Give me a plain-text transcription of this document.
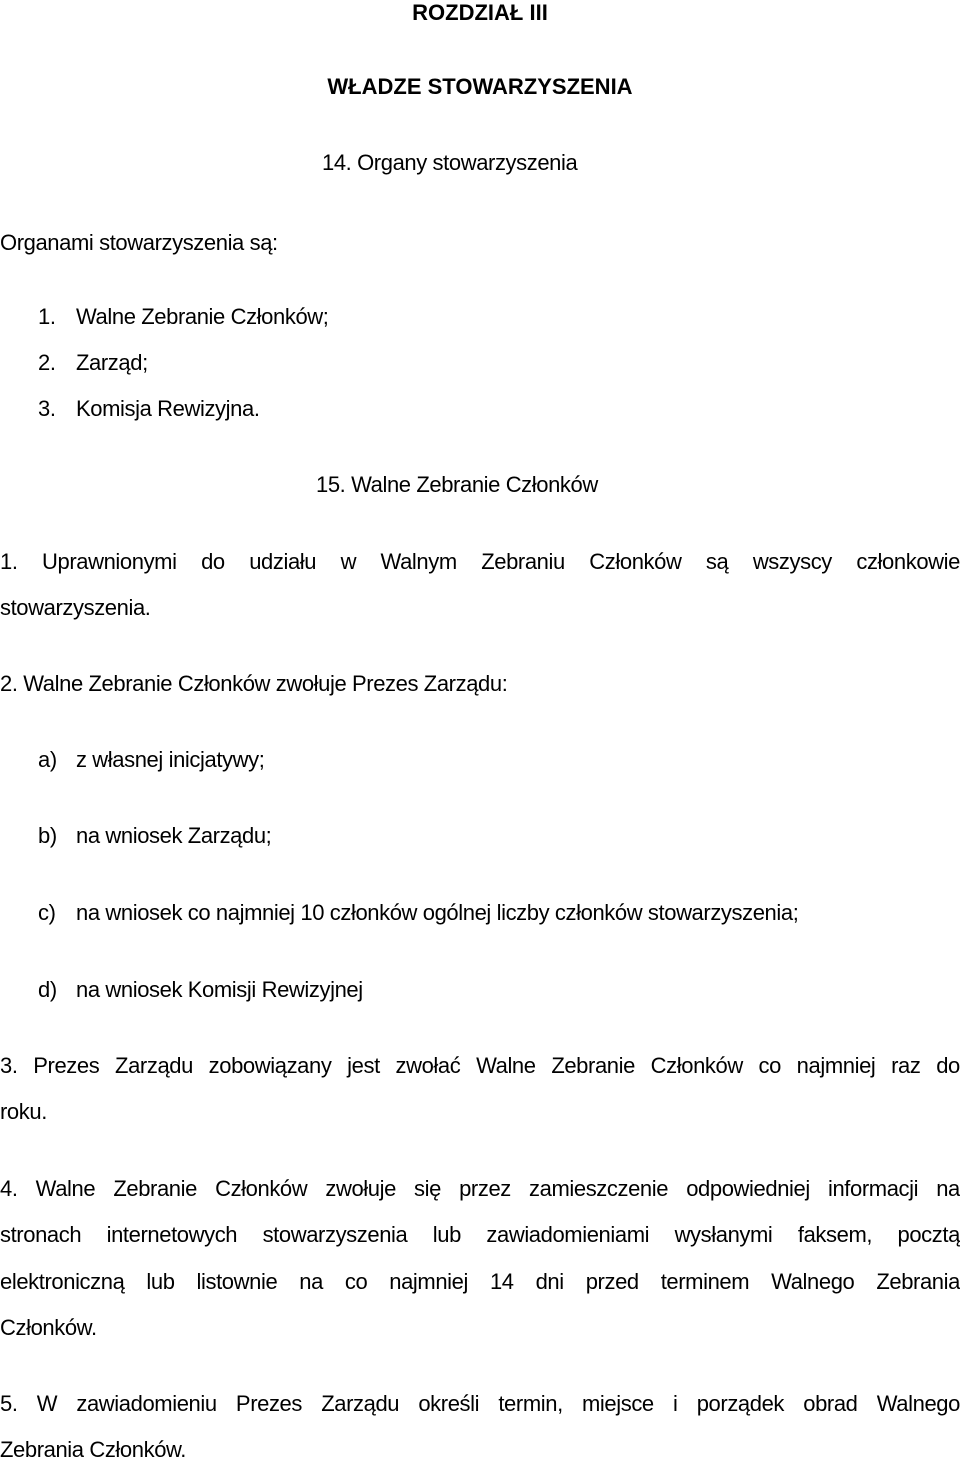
ROZDZIAŁ III
WŁADZE STOWARZYSZENIA
14. Organy stowarzyszenia
Organami stowarzyszenia są:
1. Walne Zebranie Członków;
2. Zarząd;
3. Komisja Rewizyjna.
15. Walne Zebranie Członków
1. Uprawnionymi do udziału w Walnym Zebraniu Członków są wszyscy członkowie
stowarzyszenia.
2. Walne Zebranie Członków zwołuje Prezes Zarządu:
a) z własnej inicjatywy;
b) na wniosek Zarządu;
c) na wniosek co najmniej 10 członków ogólnej liczby członków stowarzyszenia;
d) na wniosek Komisji Rewizyjnej
3. Prezes Zarządu zobowiązany jest zwołać Walne Zebranie Członków co najmniej raz do
roku.
4. Walne Zebranie Członków zwołuje się przez zamieszczenie odpowiedniej informacji na
stronach internetowych stowarzyszenia lub zawiadomieniami wysłanymi faksem, pocztą
elektroniczną lub listownie na co najmniej 14 dni przed terminem Walnego Zebrania
Członków.
5. W zawiadomieniu Prezes Zarządu określi termin, miejsce i porządek obrad Walnego
Zebrania Członków.
